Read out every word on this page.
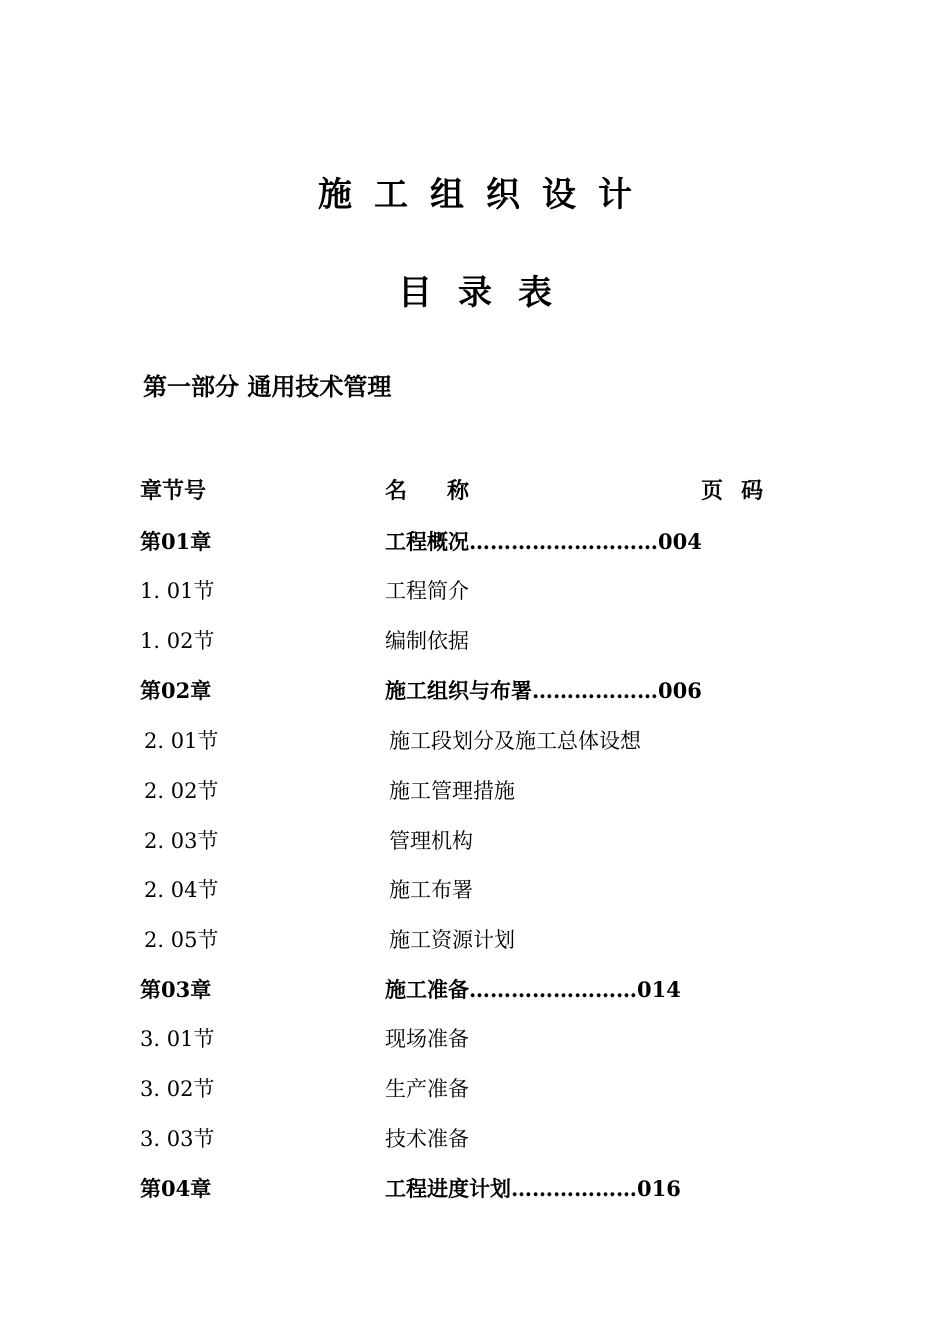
施工组织设计
目录表
第一部分 通用技术管理
章节号	名称	页码
第01章	工程概况………………………004
1. 01节	工程简介
1. 02节	编制依据
第02章	施工组织与布署………………006
2. 01节	施工段划分及施工总体设想
2. 02节	施工管理措施
2. 03节	管理机构
2. 04节	施工布署
2. 05节	施工资源计划
第03章	施工准备……………………014
3. 01节	现场准备
3. 02节	生产准备
3. 03节	技术准备
第04章	工程进度计划………………016
